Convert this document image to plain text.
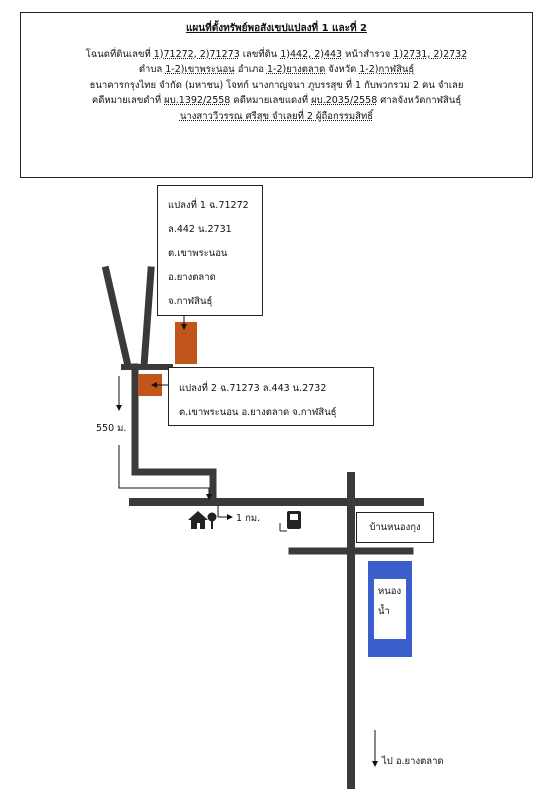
แผนที่ตั้งทรัพย์พอสังเขปแปลงที่ 1 และที่ 2
โฉนดที่ดินเลขที่ 1)71272, 2)71273 เลขที่ดิน 1)442, 2)443 หน้าสำรวจ 1)2731, 2)2732
ตำบล 1-2)เขาพระนอน อำเภอ 1-2)ยางตลาด จังหวัด 1-2)กาฬสินธุ์
ธนาคารกรุงไทย จำกัด (มหาชน) โจทก์ นางกาญจนา ภูบรรสุข ที่ 1 กับพวกรวม 2 คน จำเลย
คดีหมายเลขดำที่ ผบ.1392/2558 คดีหมายเลขแดงที่ ผบ.2035/2558 ศาลจังหวัดกาฬสินธุ์
นางสาววีวรรณ ศรีสุข จำเลยที่ 2 ผู้ถือกรรมสิทธิ์
แปลงที่ 1 ฉ.71272
ล.442 น.2731
ต.เขาพระนอน
อ.ยางตลาด
จ.กาฬสินธุ์
แปลงที่ 2 ฉ.71273 ล.443 น.2732
ต.เขาพระนอน อ.ยางตลาด จ.กาฬสินธุ์
บ้านหนองกุง
550 ม.
1 กม.
ไป อ.ยางตลาด
หนอง
น้ำ
